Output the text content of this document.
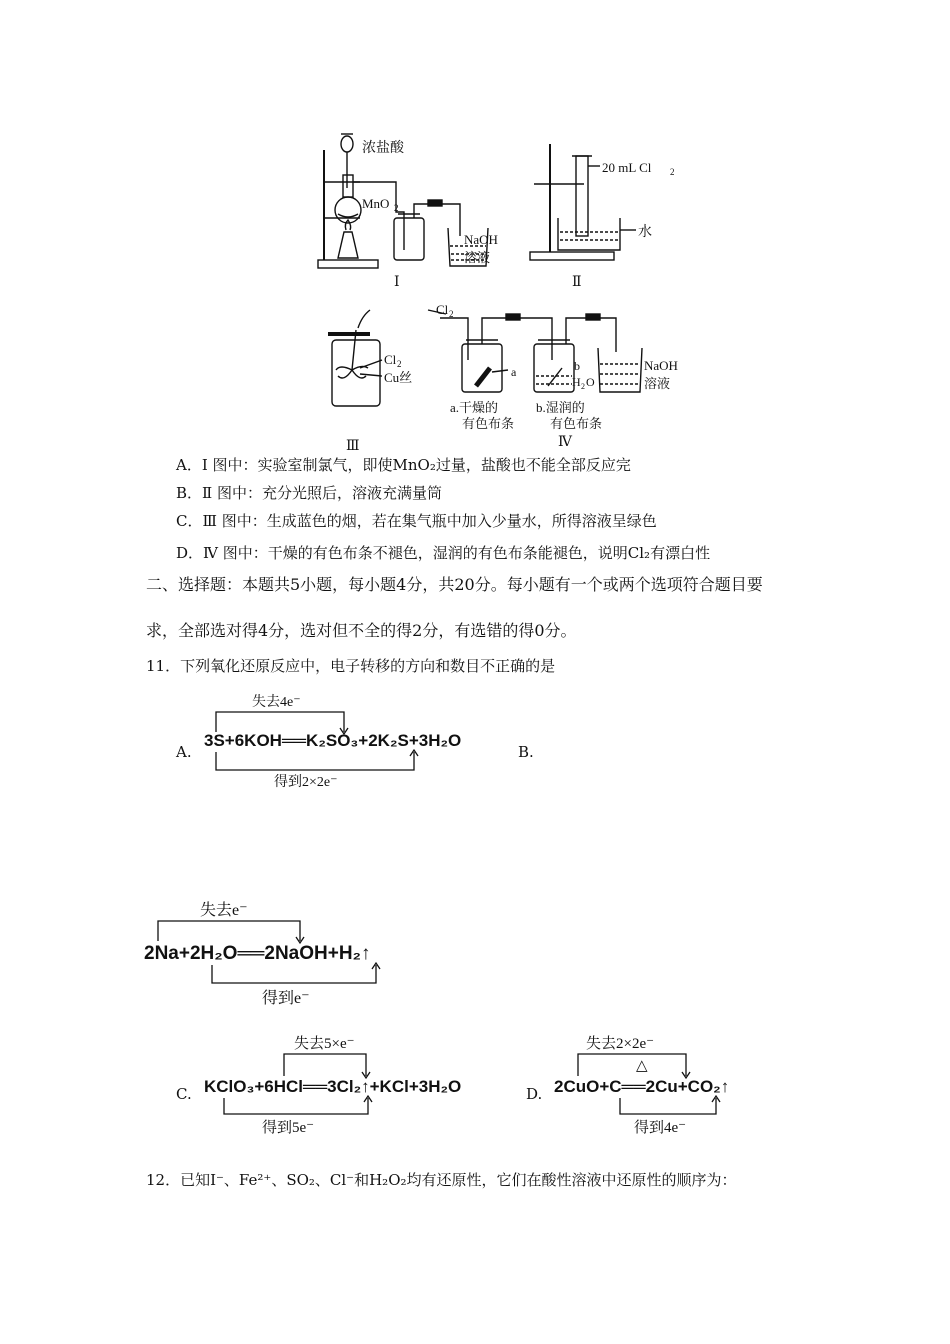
浓盐酸
MnO 2
NaOH
溶液
Ⅰ
20 mL Cl 2
水
Ⅱ
Cl 2
Cu丝
Ⅲ
Cl 2
a	b
H 2 O
NaOH
溶液
a.干燥的
有色布条
b.湿润的
有色布条
Ⅳ
A．Ⅰ 图中：实验室制氯气，即使MnO₂过量，盐酸也不能全部反应完
B．Ⅱ 图中：充分光照后，溶液充满量筒
C．Ⅲ 图中：生成蓝色的烟，若在集气瓶中加入少量水，所得溶液呈绿色
D．Ⅳ 图中：干燥的有色布条不褪色，湿润的有色布条能褪色，说明Cl₂有漂白性
二、选择题：本题共5小题，每小题4分，共20分。每小题有一个或两个选项符合题目要
求，全部选对得4分，选对但不全的得2分，有选错的得0分。
11．下列氧化还原反应中，电子转移的方向和数目不正确的是
A.	B.
C.	D.
失去4e⁻
3S+6KOH══K₂SO₃+2K₂S+3H₂O
得到2×2e⁻
失去e⁻
2Na+2H₂O══2NaOH+H₂↑
得到e⁻
失去5×e⁻
KClO₃+6HCl══3Cl₂↑+KCl+3H₂O
得到5e⁻
失去2×2e⁻
△
2CuO+C══2Cu+CO₂↑
得到4e⁻
12．已知I⁻、Fe²⁺、SO₂、Cl⁻和H₂O₂均有还原性，它们在酸性溶液中还原性的顺序为：
